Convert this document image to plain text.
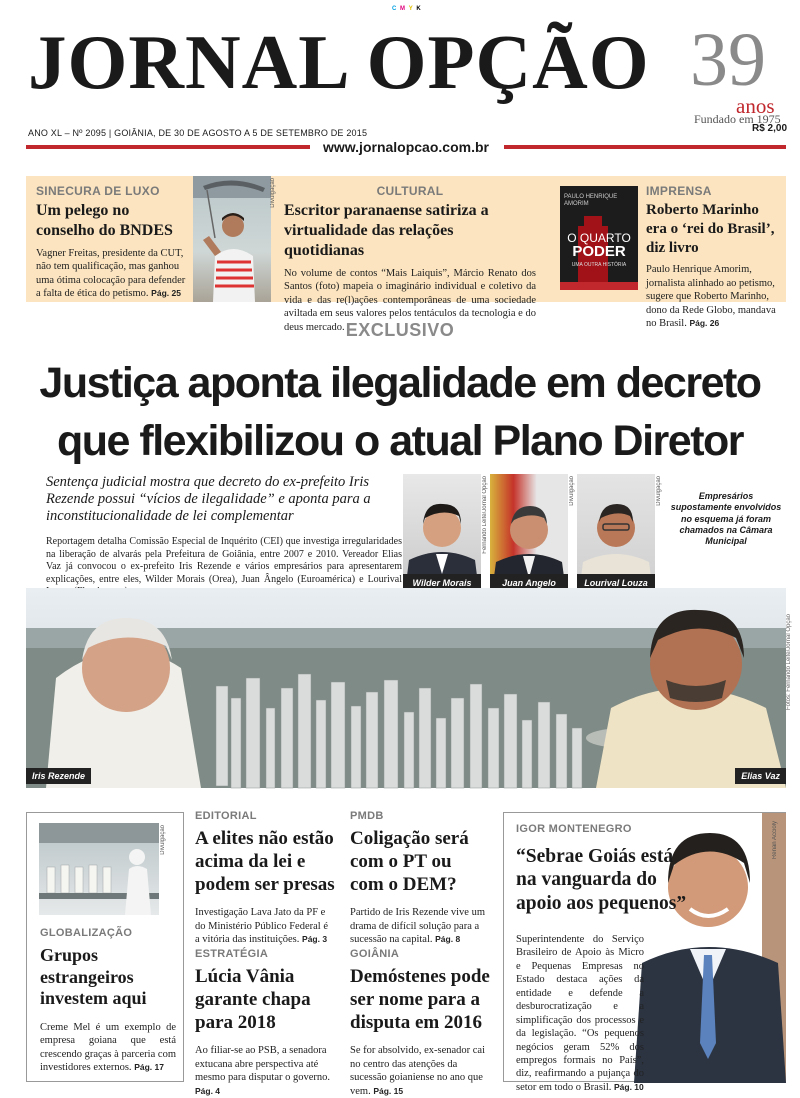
C M Y K
JORNAL OPÇÃO 39
anos
Fundado em 1975
R$ 2,00
ANO XL – Nº 2095 | GOIÂNIA, DE 30 DE AGOSTO A 5 DE SETEMBRO DE 2015
www.jornalopcao.com.br
SINECURA DE LUXO
Um pelego no conselho do BNDES
Vagner Freitas, presidente da CUT, não tem qualificação, mas ganhou uma ótima colocação para defender a falta de ética do petismo. Pág. 25
Divulgação	CULTURAL
Escritor paranaense satiriza a virtualidade das relações quotidianas
No volume de contos “Mais Laiquis”, Márcio Renato dos Santos (foto) mapeia o imaginário individual e coletivo da vida e das re(l)ações contemporâneas de uma sociedade aviltada em seus valores pelos tentáculos da tecnologia e do deus mercado.
PAULO HENRIQUE AMORIM
O QUARTO
PODER
UMA OUTRA HISTÓRIA
IMPRENSA
Roberto Marinho era o ‘rei do Brasil’, diz livro
Paulo Henrique Amorim, jornalista alinhado ao petismo, sugere que Roberto Marinho, dono da Rede Globo, mandava no Brasil. Pág. 26
EXCLUSIVO
Justiça aponta ilegalidade em decreto
que flexibilizou o atual Plano Diretor
Sentença judicial mostra que decreto do ex-prefeito Iris Rezende possui “vícios de ilegalidade” e aponta para a inconstitucionalidade de lei complementar
Reportagem detalha Comissão Especial de Inquérito (CEI) que investiga irregularidades na liberação de alvarás pela Prefeitura de Goiânia, entre 2007 e 2010. Vereador Elias Vaz já convocou o ex-prefeito Iris Rezende e vários empresários para apresentarem explicações, entre eles, Wilder Morais (Orea), Juan Ângelo (Euroamérica) e Lourival	Wilder Morais
Fernando Leite/Jornal Opção
Juan Angelo
Divulgação
Lourival Louza
Divulgação	Empresários supostamente envolvidos no esquema já foram chamados na Câmara Municipal
Iris Rezende	Elias Vaz
Fotos: Fernando Leite/Jornal Opção
Divulgação
GLOBALIZAÇÃO
Grupos estrangeiros investem aqui
Creme Mel é um exemplo de empresa goiana que está crescendo graças à parceria com investidores externos. Pág. 17
EDITORIAL
A elites não estão acima da lei e podem ser presas
Investigação Lava Jato da PF e do Ministério Público Federal é a vitória das instituições. Pág. 3
ESTRATÉGIA
Lúcia Vânia garante chapa para 2018
Ao filiar-se ao PSB, a senadora extucana abre perspectiva até mesmo para disputar o governo. Pág. 4
PMDB
Coligação será com o PT ou com o DEM?
Partido de Iris Rezende vive um drama de difícil solução para a sucessão na capital. Pág. 8
GOIÂNIA
Demóstenes pode ser nome para a disputa em 2016
Se for absolvido, ex-senador cai no centro das atenções da sucessão goianiense no ano que vem. Pág. 15
Renan Accioly
IGOR MONTENEGRO
“Sebrae Goiás está na vanguarda do apoio aos pequenos”
Superintendente do Serviço Brasileiro de Apoio às Micro e Pequenas Empresas no Estado destaca ações da entidade e defende a desburocratização e a simplificação dos processos e da legislação. “Os pequenos negócios geram 52% dos empregos formais no País”, diz, reafirmando a pujança do setor em todo o Brasil. Pág. 10
